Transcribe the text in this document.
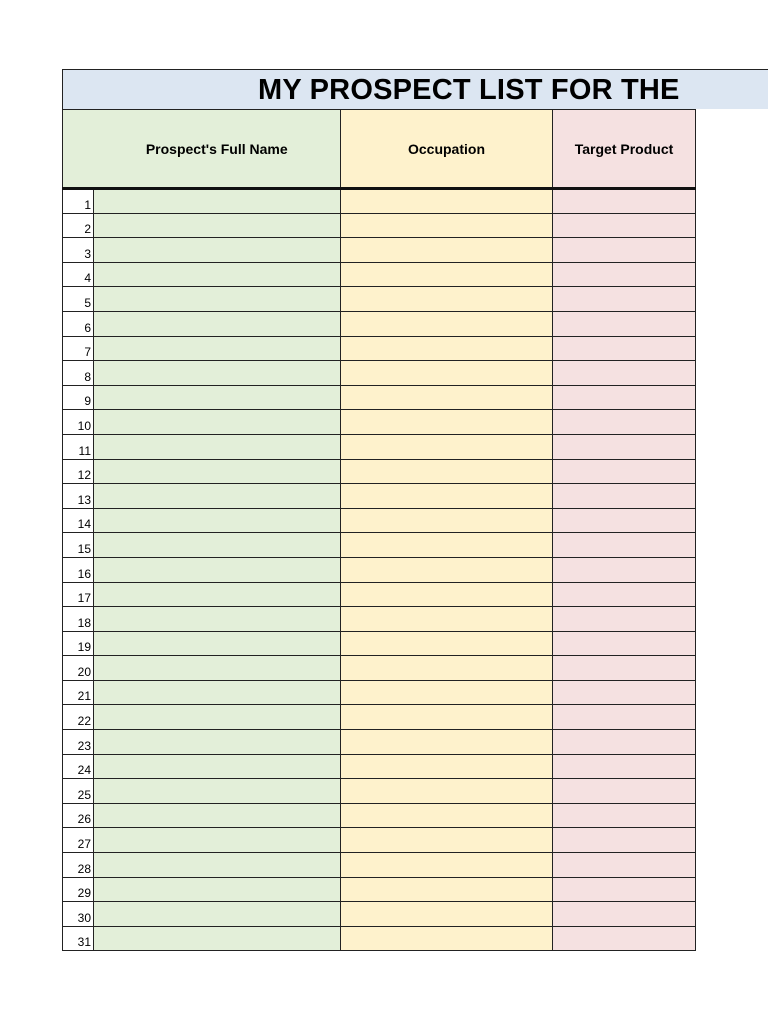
MY PROSPECT LIST FOR THE
	Prospect's Full Name	Occupation	Target Product
1			
2			
3			
4			
5			
6			
7			
8			
9			
10			
11			
12			
13			
14			
15			
16			
17			
18			
19			
20			
21			
22			
23			
24			
25			
26			
27			
28			
29			
30			
31			
